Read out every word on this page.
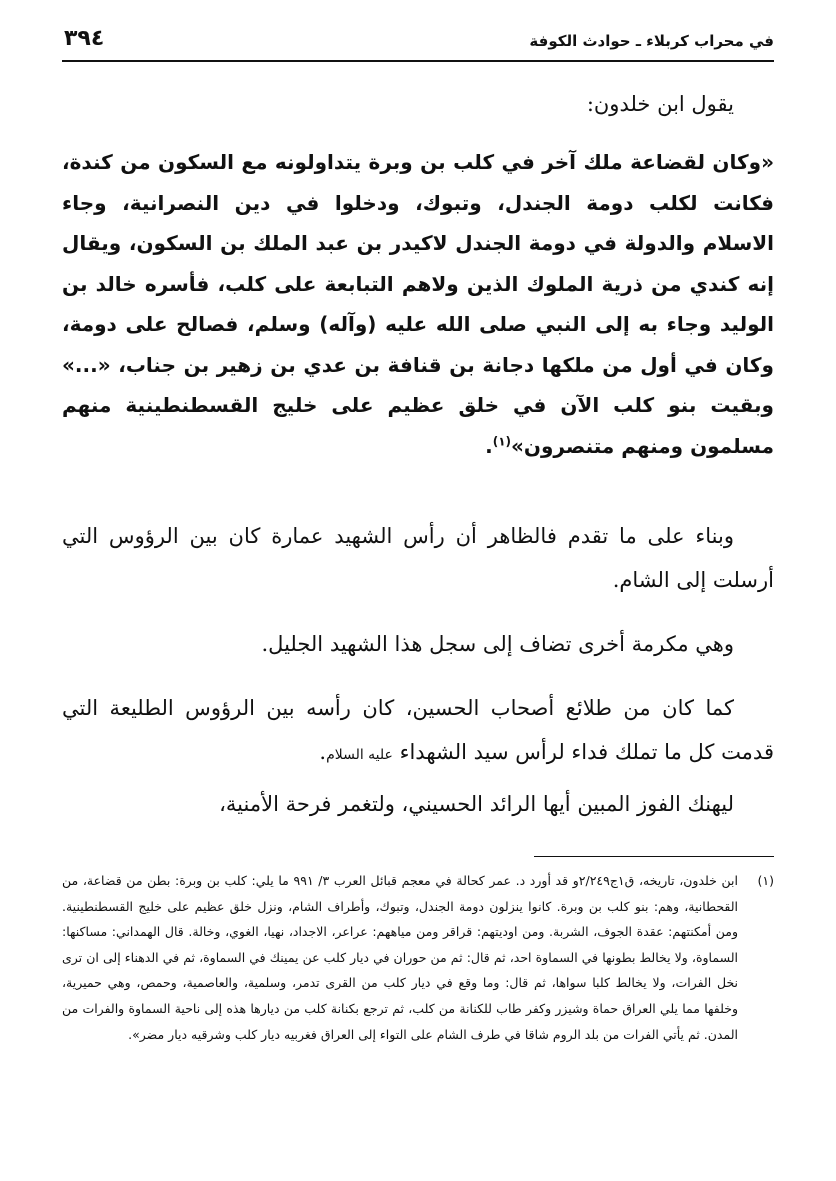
في محراب كربلاء ـ حوادث الكوفة
٣٩٤

يقول ابن خلدون:

«وكان لقضاعة ملك آخر في كلب بن وبرة يتداولونه مع السكون من كندة، فكانت لكلب دومة الجندل، وتبوك، ودخلوا في دين النصرانية، وجاء الاسلام والدولة في دومة الجندل لاكيدر بن عبد الملك بن السكون، ويقال إنه كندي من ذرية الملوك الذين ولاهم التبابعة على كلب، فأسره خالد بن الوليد وجاء به إلى النبي صلى الله عليه (وآله) وسلم، فصالح على دومة، وكان في أول من ملكها دجانة بن قنافة بن عدي بن زهير بن جناب، «...» وبقيت بنو كلب الآن في خلق عظيم على خليج القسطنطينية منهم مسلمون ومنهم متنصرون»$^{(١)}$.

وبناء على ما تقدم فالظاهر أن رأس الشهيد عمارة كان بين الرؤوس التي أرسلت إلى الشام.

وهي مكرمة أخرى تضاف إلى سجل هذا الشهيد الجليل.

كما كان من طلائع أصحاب الحسين، كان رأسه بين الرؤوس الطليعة التي قدمت كل ما تملك فداء لرأس سيد الشهداء عليه السلام.

ليهنك الفوز المبين أيها الرائد الحسيني، ولتغمر فرحة الأمنية،

(١)
ابن خلدون، تاريخه، ق١ج٢/٢٤٩و قد أورد د. عمر كحالة في معجم قبائل العرب ٣/ ٩٩١ ما يلي: كلب بن وبرة: بطن من قضاعة، من القحطانية، وهم: بنو كلب بن وبرة. كانوا ينزلون دومة الجندل، وتبوك، وأطراف الشام، ونزل خلق عظيم على خليج القسطنطينية. ومن أمكنتهم: عقدة الجوف، الشربة. ومن اوديتهم: قراقر ومن مياههم: عراعر، الاجداد، نهيا، الغوي، وخالة. قال الهمداني: مساكنها: السماوة، ولا يخالط بطونها في السماوة احد، ثم قال: ثم من حوران في ديار كلب عن يمينك في السماوة، ثم في الدهناء إلى ان ترى نخل الفرات، ولا يخالط كلبا سواها، ثم قال: وما وقع في ديار كلب من القرى تدمر، وسلمية، والعاصمية، وحمص، وهي حميرية، وخلفها مما يلي العراق حماة وشيزر وكفر طاب للكنانة من كلب، ثم ترجع بكنانة كلب من ديارها هذه إلى ناحية السماوة والفرات من المدن. ثم يأتي الفرات من بلد الروم شاقا في طرف الشام على التواء إلى العراق فغربيه ديار كلب وشرقيه ديار مضر».
